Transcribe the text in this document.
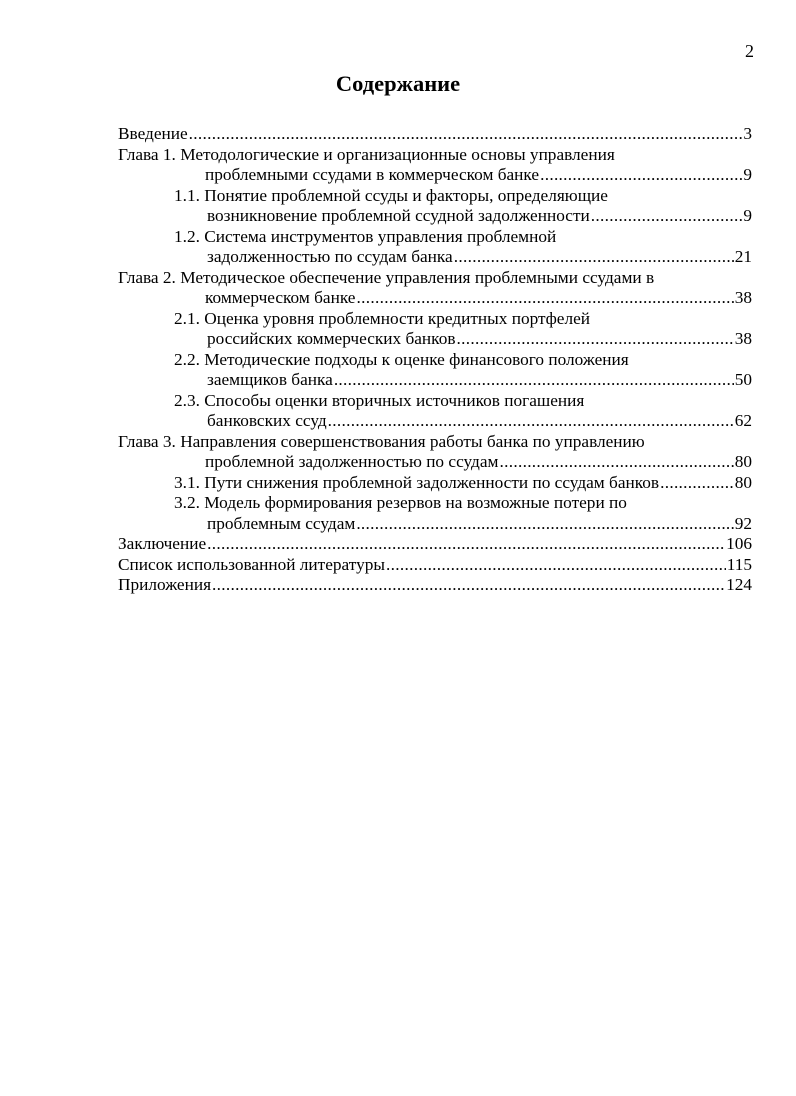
2
Содержание
Введение .....	3
Глава 1. Методологические и организационные основы управления
проблемными ссудами в коммерческом банке .....	9
1.1. Понятие проблемной ссуды и факторы, определяющие
возникновение проблемной ссудной задолженности .....	9
1.2. Система инструментов управления проблемной
задолженностью по ссудам банка .....	21
Глава 2. Методическое обеспечение управления проблемными ссудами в
коммерческом банке .....	38
2.1. Оценка уровня проблемности кредитных портфелей
российских коммерческих банков .....	38
2.2. Методические подходы к оценке финансового положения
заемщиков банка .....	50
2.3. Способы оценки вторичных источников погашения
банковских ссуд .....	62
Глава 3. Направления совершенствования работы банка по управлению
проблемной задолженностью по ссудам .....	80
3.1. Пути снижения проблемной задолженности по ссудам банков .....	80
3.2. Модель формирования резервов на возможные потери по
проблемным ссудам .....	92
Заключение .....	106
Список использованной литературы .....	115
Приложения .....	124
